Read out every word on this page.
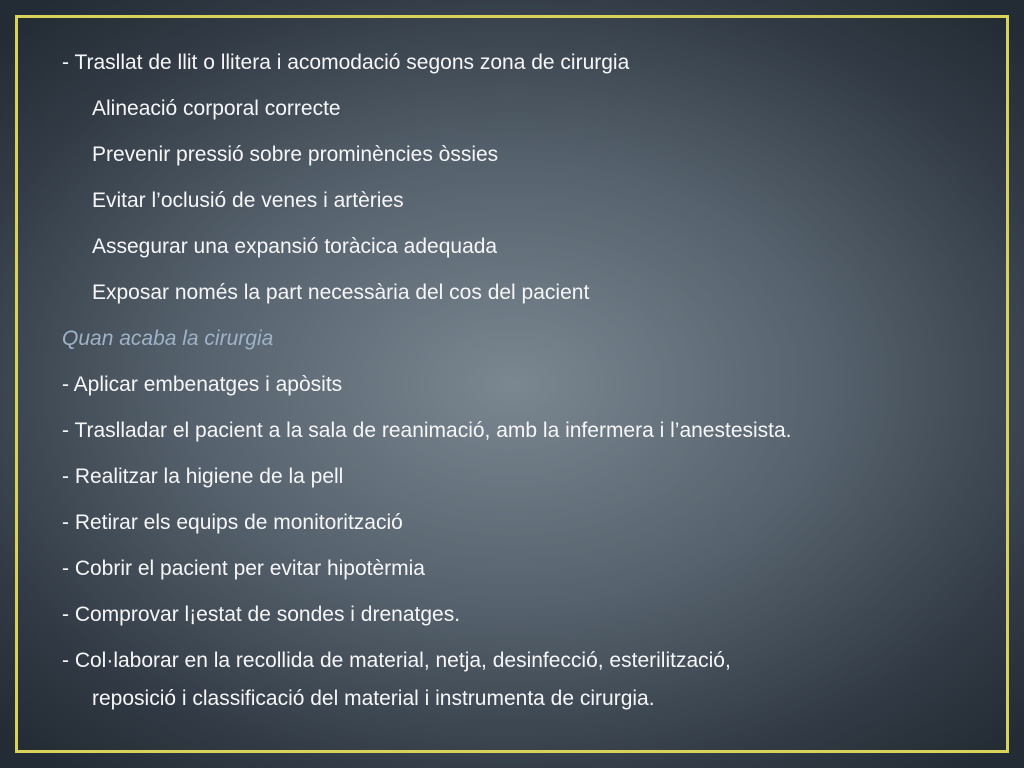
- Trasllat de llit o llitera i acomodació segons zona de cirurgia
Alineació corporal correcte
Prevenir pressió sobre prominències òssies
Evitar l’oclusió de venes i artèries
Assegurar una expansió toràcica adequada
Exposar només la part necessària del cos del pacient
Quan acaba la cirurgia
- Aplicar embenatges i apòsits
- Traslladar el pacient a la sala de reanimació, amb la infermera i l’anestesista.
- Realitzar la higiene de la pell
- Retirar els equips de monitorització
- Cobrir el pacient per evitar hipotèrmia
- Comprovar l¡estat de sondes i drenatges.
- Col·laborar en la recollida de material, netja, desinfecció, esterilització,
reposició i classificació del material i instrumenta de cirurgia.
